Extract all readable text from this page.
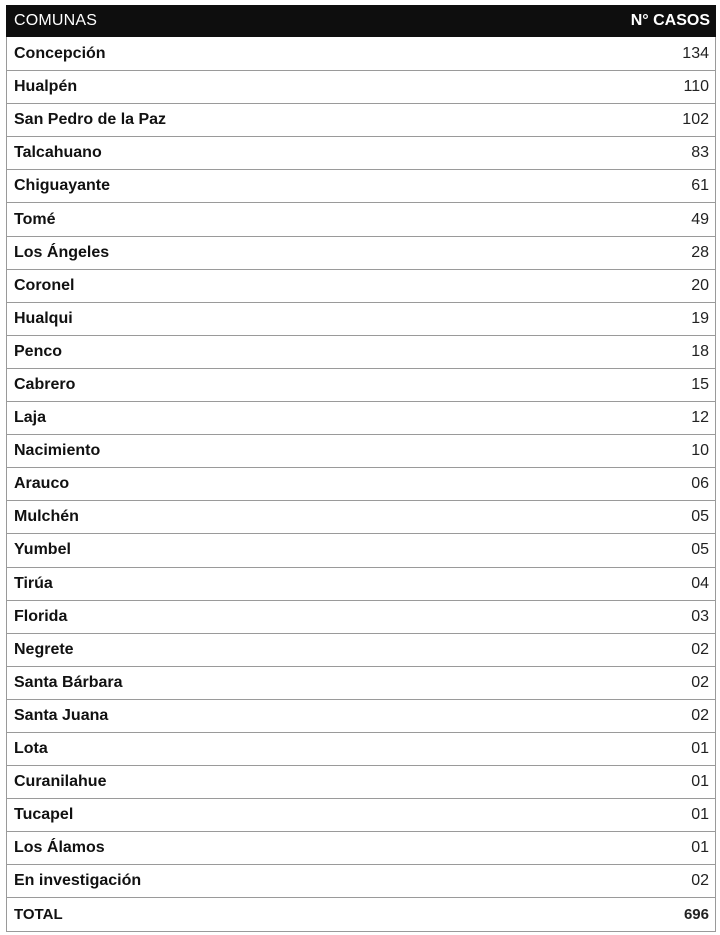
COMUNAS	N° CASOS
Concepción	134
Hualpén	110
San Pedro de la Paz	102
Talcahuano	83
Chiguayante	61
Tomé	49
Los Ángeles	28
Coronel	20
Hualqui	19
Penco	18
Cabrero	15
Laja	12
Nacimiento	10
Arauco	06
Mulchén	05
Yumbel	05
Tirúa	04
Florida	03
Negrete	02
Santa Bárbara	02
Santa Juana	02
Lota	01
Curanilahue	01
Tucapel	01
Los Álamos	01
En investigación	02
TOTAL	696
